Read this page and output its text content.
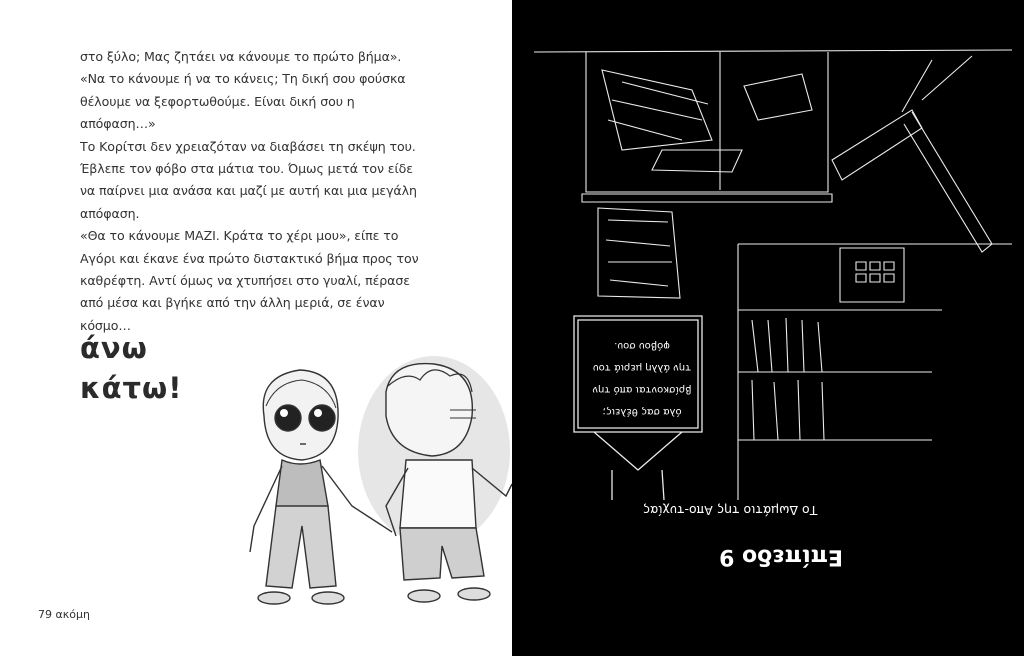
στο ξύλο; Μας ζητάει να κάνουμε το πρώτο βήμα».

«Να το κάνουμε ή να το κάνεις; Τη δική σου φούσκα θέλουμε να ξεφορτωθούμε. Είναι δική σου η απόφαση…»

Το Κορίτσι δεν χρειαζόταν να διαβάσει τη σκέψη του. Έβλεπε τον φόβο στα μάτια του. Όμως μετά τον είδε να παίρνει μια ανάσα και μαζί με αυτή και μια μεγάλη απόφαση.

«Θα το κάνουμε ΜΑΖΙ. Κράτα το χέρι μου», είπε το Αγόρι και έκανε ένα πρώτο διστακτικό βήμα προς τον καθρέφτη. Αντί όμως να χτυπήσει στο γυαλί, πέρασε από μέσα και βγήκε από την άλλη μεριά, σε έναν κόσμο…

άνω
κάτω!
79 ακόμη
όλα σας θέλεις;
βρίσκονται από την
την άλλη μεριά του
φόβου σου.
Το Δωμάτιο της Απο-τυχίας
Επίπεδο 9
